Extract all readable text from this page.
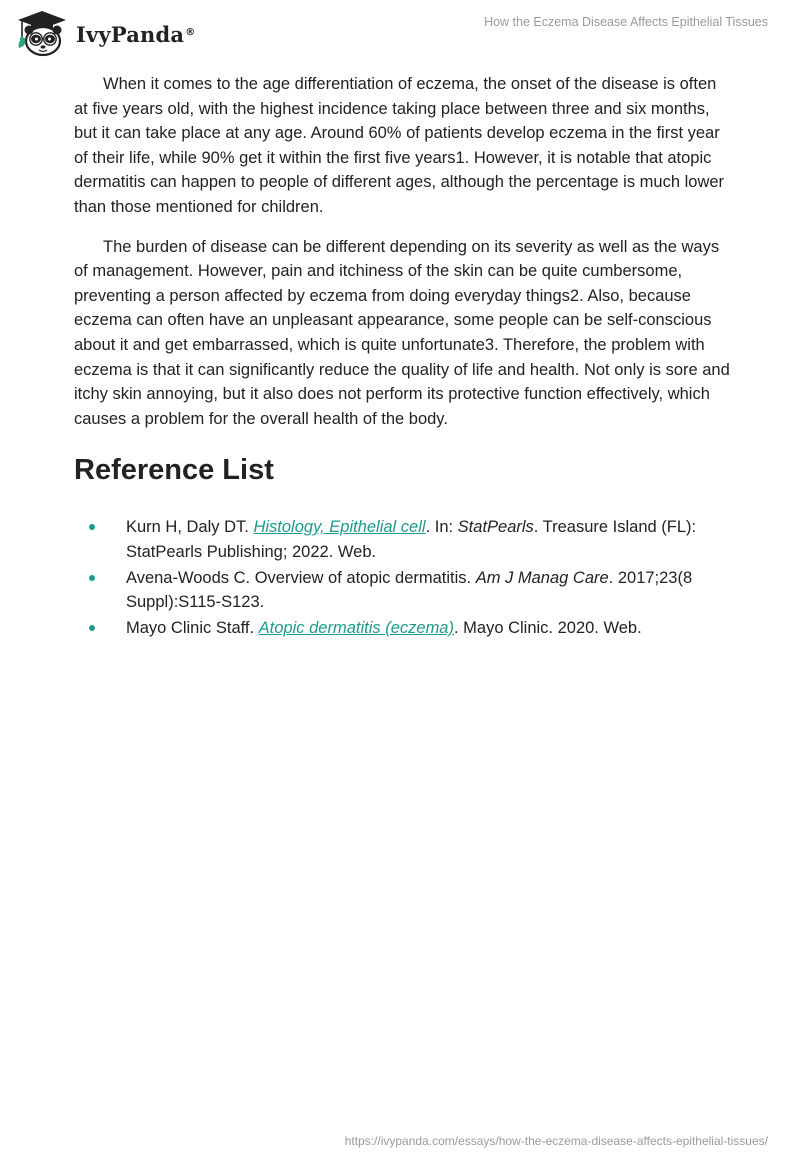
IvyPanda®
How the Eczema Disease Affects Epithelial Tissues

When it comes to the age differentiation of eczema, the onset of the disease is often at five years old, with the highest incidence taking place between three and six months, but it can take place at any age. Around 60% of patients develop eczema in the first year of their life, while 90% get it within the first five years1. However, it is notable that atopic dermatitis can happen to people of different ages, although the percentage is much lower than those mentioned for children.

The burden of disease can be different depending on its severity as well as the ways of management. However, pain and itchiness of the skin can be quite cumbersome, preventing a person affected by eczema from doing everyday things2. Also, because eczema can often have an unpleasant appearance, some people can be self-conscious about it and get embarrassed, which is quite unfortunate3. Therefore, the problem with eczema is that it can significantly reduce the quality of life and health. Not only is sore and itchy skin annoying, but it also does not perform its protective function effectively, which causes a problem for the overall health of the body.

Reference List
Kurn H, Daly DT. Histology, Epithelial cell. In: StatPearls. Treasure Island (FL): StatPearls Publishing; 2022. Web.
Avena-Woods C. Overview of atopic dermatitis. Am J Manag Care. 2017;23(8 Suppl):S115-S123.
Mayo Clinic Staff. Atopic dermatitis (eczema). Mayo Clinic. 2020. Web.
https://ivypanda.com/essays/how-the-eczema-disease-affects-epithelial-tissues/
